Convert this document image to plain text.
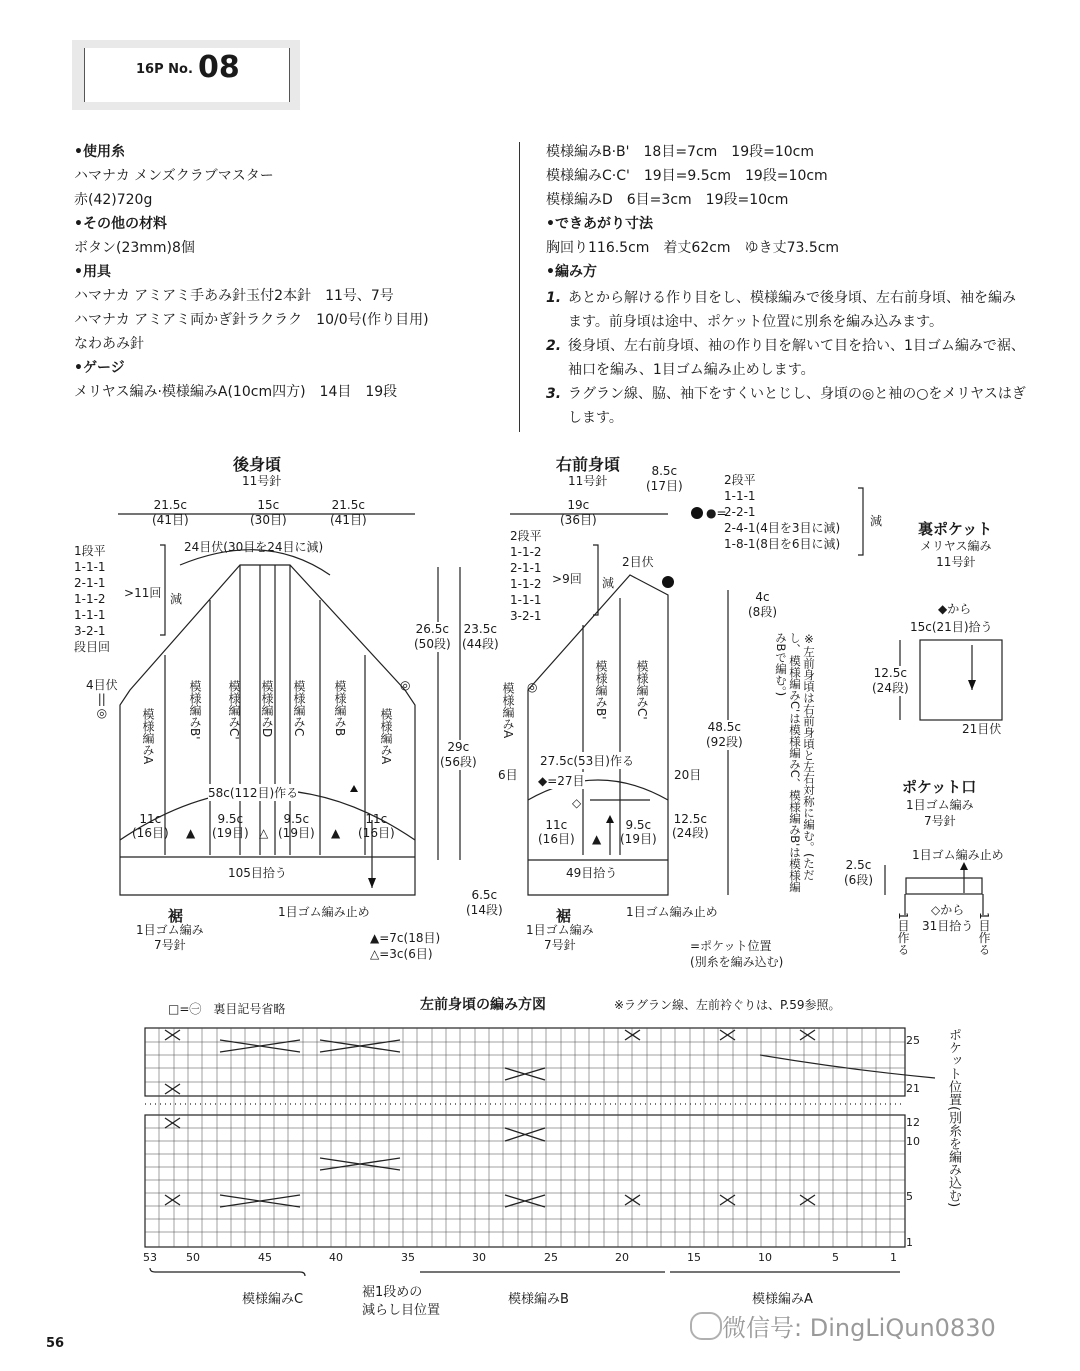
16P No. 08
•使用糸
ハマナカ メンズクラブマスター
赤(42)720g
•その他の材料
ボタン(23mm)8個
•用具
ハマナカ アミアミ手あみ針玉付2本針　11号、7号
ハマナカ アミアミ両かぎ針ラクラク　10/0号(作り目用)
なわあみ針
•ゲージ
メリヤス編み·模様編みA(10cm四方)　14目　19段
模様編みB·B'　18目=7cm　19段=10cm
模様編みC·C'　19目=9.5cm　19段=10cm
模様編みD　6目=3cm　19段=10cm
•できあがり寸法
胸回り116.5cm　着丈62cm　ゆき丈73.5cm
•編み方
1. あとから解ける作り目をし、模様編みで後身頃、左右前身頃、袖を編みます。前身頃は途中、ポケット位置に別糸を編み込みます。
2. 後身頃、左右前身頃、袖の作り目を解いて目を拾い、1目ゴム編みで裾、袖口を編み、1目ゴム編み止めします。
3. ラグラン線、脇、袖下をすくいとじし、身頃の◎と袖の○をメリヤスはぎします。
後身頃
11号針
21.5c
(41目)
15c
(30目)
21.5c
(41目)
24目伏(30目を24目に減)
1段平
1-1-1
2-1-1
1-1-2
1-1-1
3-2-1
段目回
>11回 減
4目伏
||
◎
◎
模様編みA	模様編みB' 模様編みC' 模様編みD 模様編みC 模様編みB	模様編みA
58c(112目)作る
11c
(16目) ▲
9.5c
(19目) △
9.5c
(19目) ▲
11c
(16目)
105目拾う
26.5c
(50段)
23.5c
(44段)
29c
(56段)
6.5c
(14段)
裾
1目ゴム編み
7号針
1目ゴム編み止め
▲=7c(18目)
△=3c(6目)
右前身頃
11号針
19c
(36目)
8.5c
(17目)
●=
2段平
1-1-1
2-2-1
2-4-1(4目を3目に減)
1-8-1(8目を6目に減)
減
2段平
1-1-2
2-1-1
1-1-2
1-1-1
3-2-1
>9回 減
2目伏
4c
(8段)
48.5c
(92段)
◎
模様編みA	模様編みB' 模様編みC'
27.5c(53目)作る
6目 ◆=27目
◇
20目
11c
(16目) ▲
9.5c
(19目)
12.5c
(24段)
49目拾う
裾
1目ゴム編み
7号針
1目ゴム編み止め
=ポケット位置
(別糸を編み込む)
※左前身頃は右前身頃と左右対称に編む。(ただし、模様編みC'は模様編みC、模様編みB'は模様編みBで編む。)
裏ポケット
メリヤス編み
11号針
◆から
15c(21目)拾う
12.5c
(24段)
21目伏
ポケット口
1目ゴム編み
7号針
2.5c
(6段)
1目ゴム編み止め
◇から
31目拾う
1目作る	1目作る
□=㊀　裏目記号省略	左前身頃の編み方図	※ラグラン線、左前衿ぐりは、P.59参照。
25
21
12
10
5
1
ポケット位置(別糸を編み込む)
53	50	45	40	35	30	25	20	15	10	5	1
模様編みC	裾1段めの
減らし目位置
模様編みB	模様編みA
56
微信号: DingLiQun0830
